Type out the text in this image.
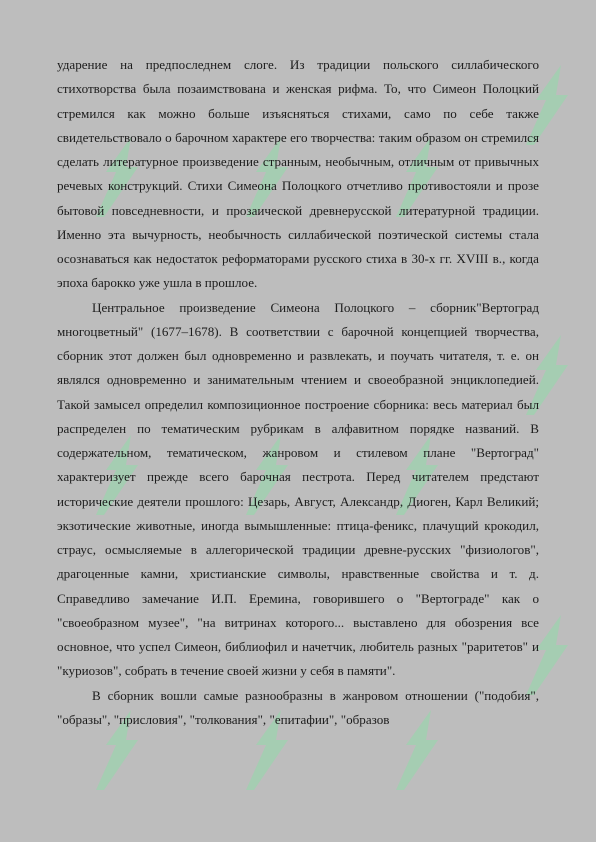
ударение на предпоследнем слоге. Из традиции польского силлабического стихотворства была позаимствована и женская рифма. То, что Симеон Полоцкий стремился как можно больше изъясняться стихами, само по себе также свидетельствовало о барочном характере его творчества: таким образом он стремился сделать литературное произведение странным, необычным, отличным от привычных речевых конструкций. Стихи Симеона Полоцкого отчетливо противостояли и прозе бытовой повседневности, и прозаической древнерусской литературной традиции. Именно эта вычурность, необычность силлабической поэтической системы стала осознаваться как недостаток реформаторами русского стиха в 30-х гг. XVIII в., когда эпоха барокко уже ушла в прошлое.

Центральное произведение Симеона Полоцкого – сборник"Вертоград многоцветный" (1677–1678). В соответствии с барочной концепцией творчества, сборник этот должен был одновременно и развлекать, и поучать читателя, т. е. он являлся одновременно и занимательным чтением и своеобразной энциклопедией. Такой замысел определил композиционное построение сборника: весь материал был распределен по тематическим рубрикам в алфавитном порядке названий. В содержательном, тематическом, жанровом и стилевом плане "Вертоград" характеризует прежде всего барочная пестрота. Перед читателем предстают исторические деятели прошлого: Цезарь, Август, Александр, Диоген, Карл Великий; экзотические животные, иногда вымышленные: птица-феникс, плачущий крокодил, страус, осмысляемые в аллегорической традиции древне-русских "физиологов", драгоценные камни, христианские символы, нравственные свойства и т. д. Справедливо замечание И.П. Еремина, говорившего о "Вертограде" как о "своеобразном музее", "на витринах которого... выставлено для обозрения все основное, что успел Симеон, библиофил и начетчик, любитель разных "раритетов" и "куриозов", собрать в течение своей жизни у себя в памяти".

В сборник вошли самые разнообразны в жанровом отношении ("подобия", "образы", "присловия", "толкования", "епитафии", "образов
